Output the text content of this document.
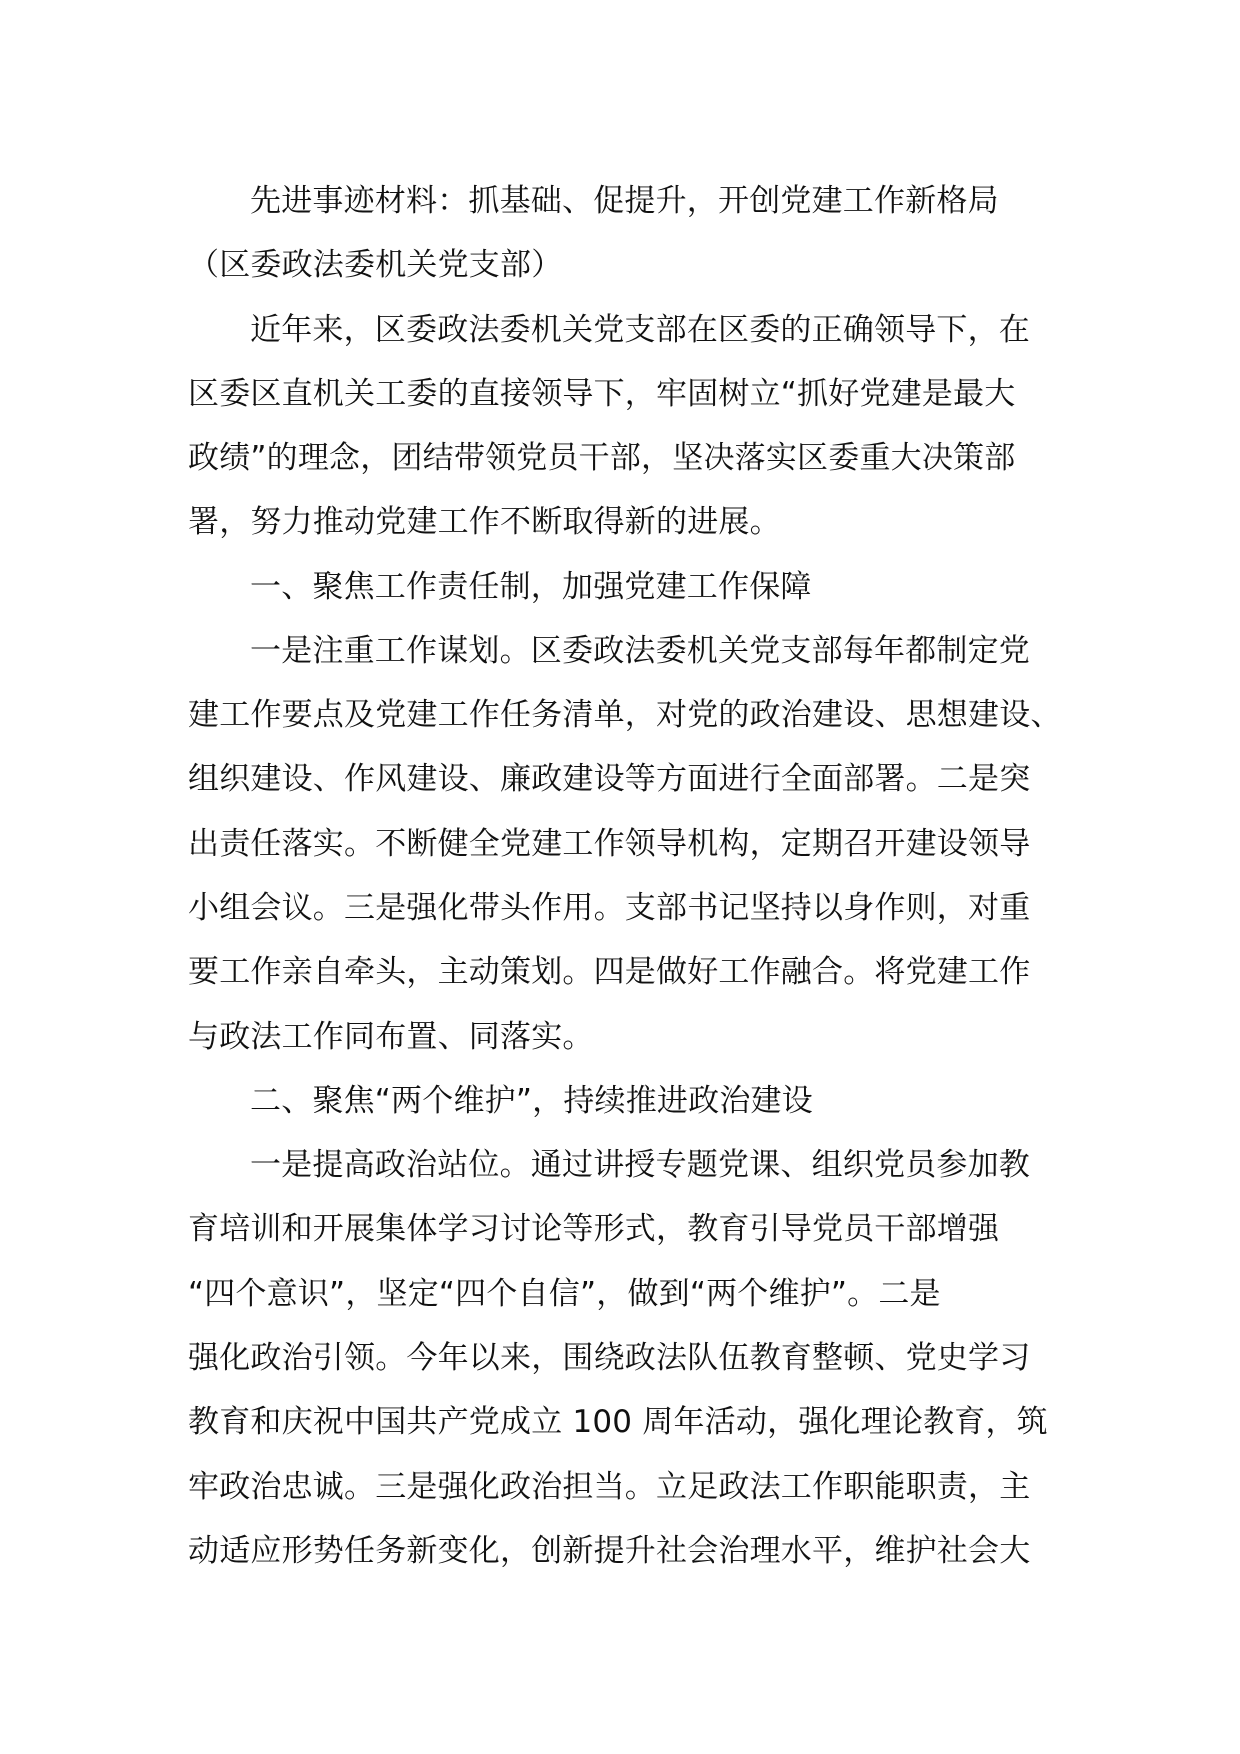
先进事迹材料：抓基础、促提升，开创党建工作新格局
（区委政法委机关党支部）
近年来，区委政法委机关党支部在区委的正确领导下，在
区委区直机关工委的直接领导下，牢固树立“抓好党建是最大
政绩”的理念，团结带领党员干部，坚决落实区委重大决策部
署，努力推动党建工作不断取得新的进展。
一、聚焦工作责任制，加强党建工作保障
一是注重工作谋划。区委政法委机关党支部每年都制定党
建工作要点及党建工作任务清单，对党的政治建设、思想建设、
组织建设、作风建设、廉政建设等方面进行全面部署。二是突
出责任落实。不断健全党建工作领导机构，定期召开建设领导
小组会议。三是强化带头作用。支部书记坚持以身作则，对重
要工作亲自牵头，主动策划。四是做好工作融合。将党建工作
与政法工作同布置、同落实。
二、聚焦“两个维护”，持续推进政治建设
一是提高政治站位。通过讲授专题党课、组织党员参加教
育培训和开展集体学习讨论等形式，教育引导党员干部增强
“四个意识”，坚定“四个自信”，做到“两个维护”。二是
强化政治引领。今年以来，围绕政法队伍教育整顿、党史学习
教育和庆祝中国共产党成立 100 周年活动，强化理论教育，筑
牢政治忠诚。三是强化政治担当。立足政法工作职能职责，主
动适应形势任务新变化，创新提升社会治理水平，维护社会大
